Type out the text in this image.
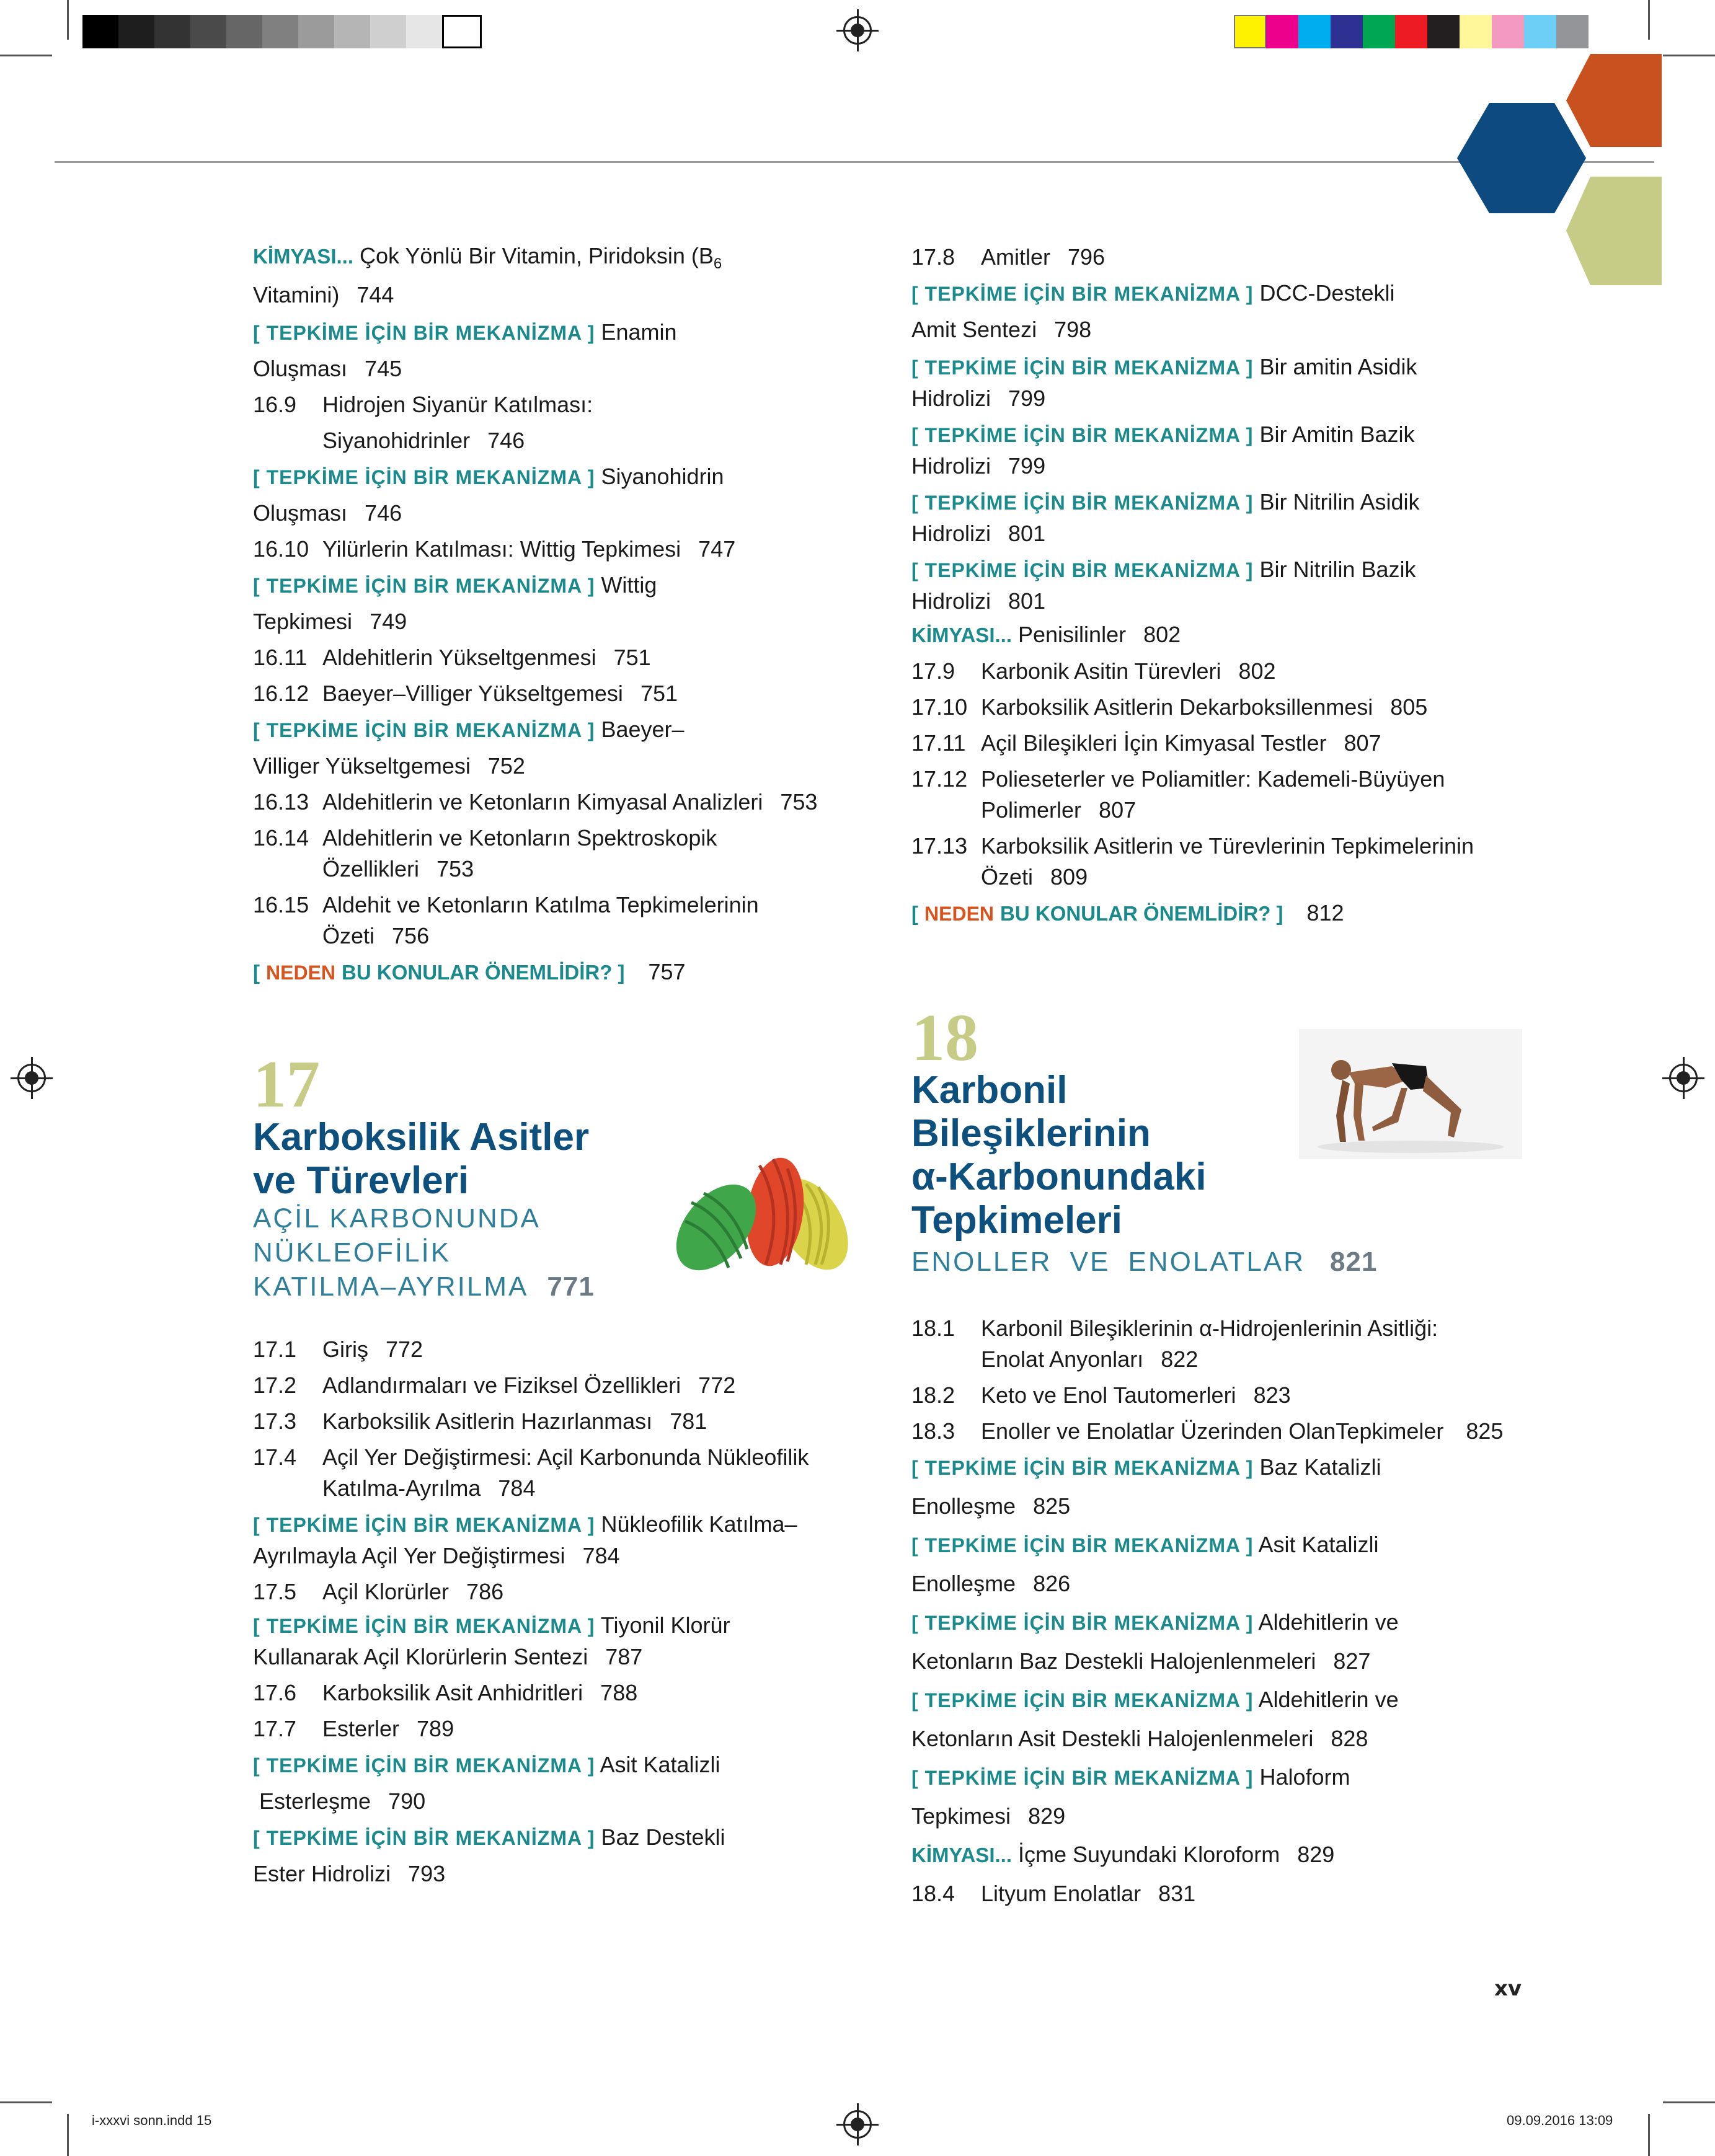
KİMYASI... Çok Yönlü Bir Vitamin, Piridoksin ($B_6$
Vitamini) 744
[ TEPKİME İÇİN BİR MEKANİZMA ] Enamin
Oluşması 745
16.9 Hidrojen Siyanür Katılması:
Siyanohidrinler 746
[ TEPKİME İÇİN BİR MEKANİZMA ] Siyanohidrin
Oluşması 746
16.10 Yilürlerin Katılması: Wittig Tepkimesi 747
[ TEPKİME İÇİN BİR MEKANİZMA ] Wittig
Tepkimesi 749
16.11 Aldehitlerin Yükseltgenmesi 751
16.12 Baeyer–Villiger Yükseltgemesi 751
[ TEPKİME İÇİN BİR MEKANİZMA ] Baeyer–
Villiger Yükseltgemesi 752
16.13 Aldehitlerin ve Ketonların Kimyasal Analizleri 753
16.14 Aldehitlerin ve Ketonların Spektroskopik
Özellikleri 753
16.15 Aldehit ve Ketonların Katılma Tepkimelerinin
Özeti 756
[ NEDEN BU KONULAR ÖNEMLİDİR? ] 757
17.8 Amitler 796
[ TEPKİME İÇİN BİR MEKANİZMA ] DCC-Destekli
Amit Sentezi 798
[ TEPKİME İÇİN BİR MEKANİZMA ] Bir amitin Asidik
Hidrolizi 799
[ TEPKİME İÇİN BİR MEKANİZMA ] Bir Amitin Bazik
Hidrolizi 799
[ TEPKİME İÇİN BİR MEKANİZMA ] Bir Nitrilin Asidik
Hidrolizi 801
[ TEPKİME İÇİN BİR MEKANİZMA ] Bir Nitrilin Bazik
Hidrolizi 801
KİMYASI... Penisilinler 802
17.9 Karbonik Asitin Türevleri 802
17.10 Karboksilik Asitlerin Dekarboksillenmesi 805
17.11 Açil Bileşikleri İçin Kimyasal Testler 807
17.12 Polieseterler ve Poliamitler: Kademeli-Büyüyen
Polimerler 807
17.13 Karboksilik Asitlerin ve Türevlerinin Tepkimelerinin
Özeti 809
[ NEDEN BU KONULAR ÖNEMLİDİR? ] 812
17
Karboksilik Asitler
ve Türevleri
AÇİL KARBONUNDA
NÜKLEOFİLİK
KATILMA–AYRILMA 771
17.1 Giriş 772
17.2 Adlandırmaları ve Fiziksel Özellikleri 772
17.3 Karboksilik Asitlerin Hazırlanması 781
17.4 Açil Yer Değiştirmesi: Açil Karbonunda Nükleofilik
Katılma-Ayrılma 784
[ TEPKİME İÇİN BİR MEKANİZMA ] Nükleofilik Katılma–
Ayrılmayla Açil Yer Değiştirmesi 784
17.5 Açil Klorürler 786
[ TEPKİME İÇİN BİR MEKANİZMA ] Tiyonil Klorür
Kullanarak Açil Klorürlerin Sentezi 787
17.6 Karboksilik Asit Anhidritleri 788
17.7 Esterler 789
[ TEPKİME İÇİN BİR MEKANİZMA ] Asit Katalizli
Esterleşme 790
[ TEPKİME İÇİN BİR MEKANİZMA ] Baz Destekli
Ester Hidrolizi 793
18
Karbonil
Bileşiklerinin
α-Karbonundaki
Tepkimeleri
ENOLLER VE ENOLATLAR 821
18.1 Karbonil Bileşiklerinin α-Hidrojenlerinin Asitliği:
Enolat Anyonları 822
18.2 Keto ve Enol Tautomerleri 823
18.3 Enoller ve Enolatlar Üzerinden OlanTepkimeler 825
[ TEPKİME İÇİN BİR MEKANİZMA ] Baz Katalizli
Enolleşme 825
[ TEPKİME İÇİN BİR MEKANİZMA ] Asit Katalizli
Enolleşme 826
[ TEPKİME İÇİN BİR MEKANİZMA ] Aldehitlerin ve
Ketonların Baz Destekli Halojenlenmeleri 827
[ TEPKİME İÇİN BİR MEKANİZMA ] Aldehitlerin ve
Ketonların Asit Destekli Halojenlenmeleri 828
[ TEPKİME İÇİN BİR MEKANİZMA ] Haloform
Tepkimesi 829
KİMYASI... İçme Suyundaki Kloroform 829
18.4 Lityum Enolatlar 831
xv
i-xxxvi sonn.indd 15	09.09.2016 13:09
